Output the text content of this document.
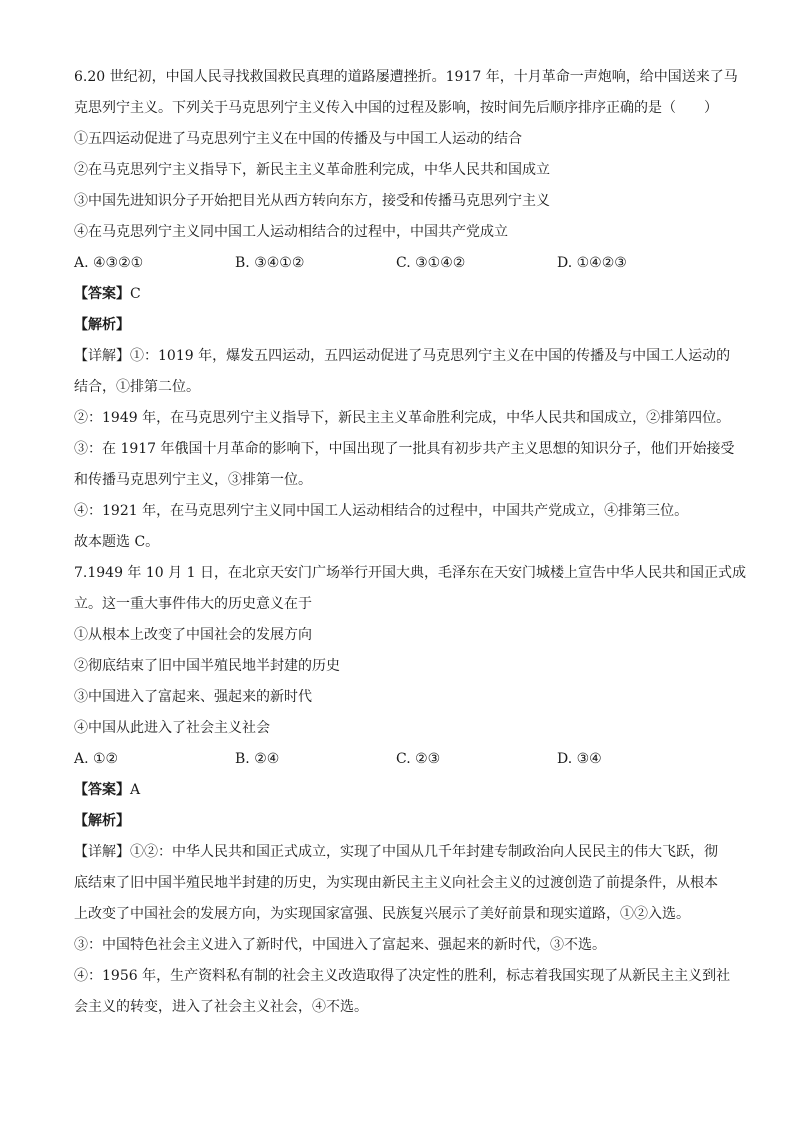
6.20 世纪初，中国人民寻找救国救民真理的道路屡遭挫折。1917 年，十月革命一声炮响，给中国送来了马
克思列宁主义。下列关于马克思列宁主义传入中国的过程及影响，按时间先后顺序排序正确的是（　　）
①五四运动促进了马克思列宁主义在中国的传播及与中国工人运动的结合
②在马克思列宁主义指导下，新民主主义革命胜利完成，中华人民共和国成立
③中国先进知识分子开始把目光从西方转向东方，接受和传播马克思列宁主义
④在马克思列宁主义同中国工人运动相结合的过程中，中国共产党成立
A. ④③②①	B. ③④①②	C. ③①④②	D. ①④②③
【答案】C
【解析】
【详解】①：1019 年，爆发五四运动，五四运动促进了马克思列宁主义在中国的传播及与中国工人运动的
结合，①排第二位。
②：1949 年，在马克思列宁主义指导下，新民主主义革命胜利完成，中华人民共和国成立，②排第四位。
③：在 1917 年俄国十月革命的影响下，中国出现了一批具有初步共产主义思想的知识分子，他们开始接受
和传播马克思列宁主义，③排第一位。
④：1921 年，在马克思列宁主义同中国工人运动相结合的过程中，中国共产党成立，④排第三位。
故本题选 C。
7.1949 年 10 月 1 日，在北京天安门广场举行开国大典，毛泽东在天安门城楼上宣告中华人民共和国正式成
立。这一重大事件伟大的历史意义在于
①从根本上改变了中国社会的发展方向
②彻底结束了旧中国半殖民地半封建的历史
③中国进入了富起来、强起来的新时代
④中国从此进入了社会主义社会
A. ①②	B. ②④	C. ②③	D. ③④
【答案】A
【解析】
【详解】①②：中华人民共和国正式成立，实现了中国从几千年封建专制政治向人民民主的伟大飞跃，彻
底结束了旧中国半殖民地半封建的历史，为实现由新民主主义向社会主义的过渡创造了前提条件，从根本
上改变了中国社会的发展方向，为实现国家富强、民族复兴展示了美好前景和现实道路，①②入选。
③：中国特色社会主义进入了新时代，中国进入了富起来、强起来的新时代，③不选。
④：1956 年，生产资料私有制的社会主义改造取得了决定性的胜利，标志着我国实现了从新民主主义到社
会主义的转变，进入了社会主义社会，④不选。
